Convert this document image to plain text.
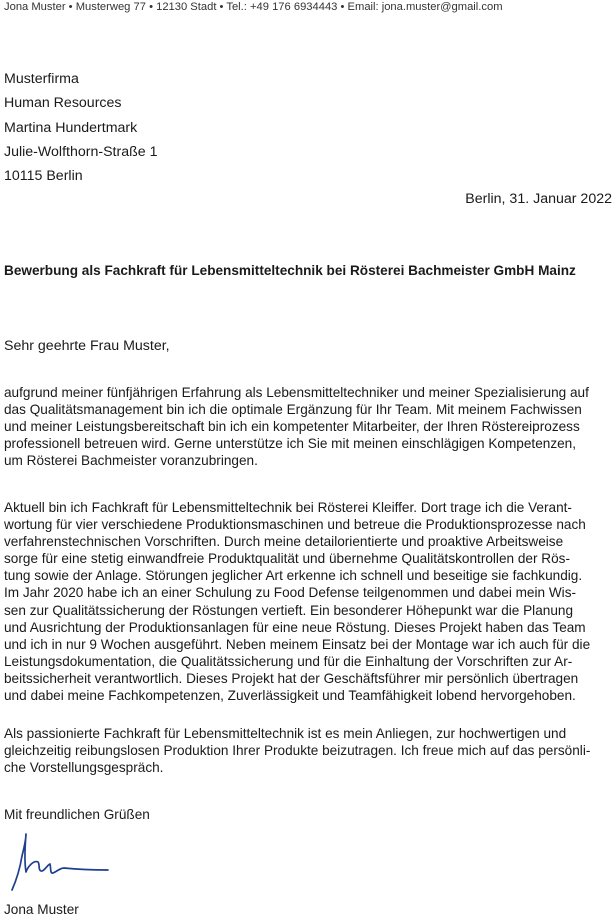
Jona Muster • Musterweg 77 • 12130 Stadt • Tel.: +49 176 6934443 • Email: jona.muster@gmail.com
Musterfirma
Human Resources
Martina Hundertmark
Julie-Wolfthorn-Straße 1
10115 Berlin
Berlin, 31. Januar 2022
Bewerbung als Fachkraft für Lebensmitteltechnik bei Rösterei Bachmeister GmbH Mainz
Sehr geehrte Frau Muster,
aufgrund meiner fünfjährigen Erfahrung als Lebensmitteltechniker und meiner Spezialisierung auf
das Qualitätsmanagement bin ich die optimale Ergänzung für Ihr Team. Mit meinem Fachwissen
und meiner Leistungsbereitschaft bin ich ein kompetenter Mitarbeiter, der Ihren Röstereiprozess
professionell betreuen wird. Gerne unterstütze ich Sie mit meinen einschlägigen Kompetenzen,
um Rösterei Bachmeister voranzubringen.
Aktuell bin ich Fachkraft für Lebensmitteltechnik bei Rösterei Kleiffer. Dort trage ich die Verant-
wortung für vier verschiedene Produktionsmaschinen und betreue die Produktionsprozesse nach
verfahrenstechnischen Vorschriften. Durch meine detailorientierte und proaktive Arbeitsweise
sorge für eine stetig einwandfreie Produktqualität und übernehme Qualitätskontrollen der Rös-
tung sowie der Anlage. Störungen jeglicher Art erkenne ich schnell und beseitige sie fachkundig.
Im Jahr 2020 habe ich an einer Schulung zu Food Defense teilgenommen und dabei mein Wis-
sen zur Qualitätssicherung der Röstungen vertieft. Ein besonderer Höhepunkt war die Planung
und Ausrichtung der Produktionsanlagen für eine neue Röstung. Dieses Projekt haben das Team
und ich in nur 9 Wochen ausgeführt. Neben meinem Einsatz bei der Montage war ich auch für die
Leistungsdokumentation, die Qualitätssicherung und für die Einhaltung der Vorschriften zur Ar-
beitssicherheit verantwortlich. Dieses Projekt hat der Geschäftsführer mir persönlich übertragen
und dabei meine Fachkompetenzen, Zuverlässigkeit und Teamfähigkeit lobend hervorgehoben.
Als passionierte Fachkraft für Lebensmitteltechnik ist es mein Anliegen, zur hochwertigen und
gleichzeitig reibungslosen Produktion Ihrer Produkte beizutragen. Ich freue mich auf das persönli-
che Vorstellungsgespräch.
Mit freundlichen Grüßen
Jona Muster
